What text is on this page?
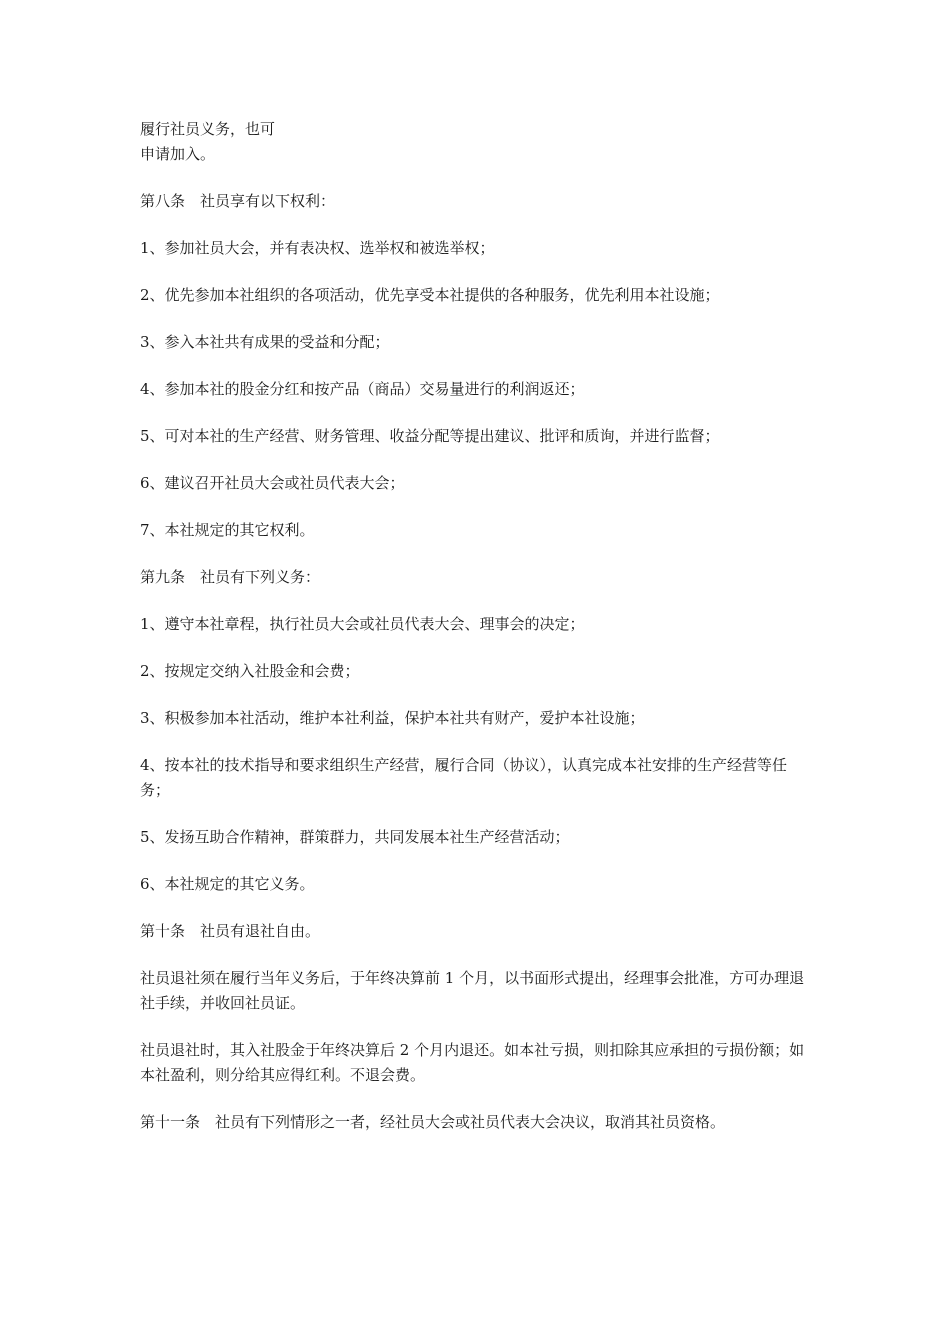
履行社员义务，也可
申请加入。

第八条　社员享有以下权利：

1、参加社员大会，并有表决权、选举权和被选举权；

2、优先参加本社组织的各项活动，优先享受本社提供的各种服务，优先利用本社设施；

3、参入本社共有成果的受益和分配；

4、参加本社的股金分红和按产品（商品）交易量进行的利润返还；

5、可对本社的生产经营、财务管理、收益分配等提出建议、批评和质询，并进行监督；

6、建议召开社员大会或社员代表大会；

7、本社规定的其它权利。

第九条　社员有下列义务：

1、遵守本社章程，执行社员大会或社员代表大会、理事会的决定；

2、按规定交纳入社股金和会费；

3、积极参加本社活动，维护本社利益，保护本社共有财产，爱护本社设施；

4、按本社的技术指导和要求组织生产经营，履行合同（协议），认真完成本社安排的生产经营等任务；

5、发扬互助合作精神，群策群力，共同发展本社生产经营活动；

6、本社规定的其它义务。

第十条　社员有退社自由。

社员退社须在履行当年义务后，于年终决算前 1 个月，以书面形式提出，经理事会批准，方可办理退社手续，并收回社员证。

社员退社时，其入社股金于年终决算后 2 个月内退还。如本社亏损，则扣除其应承担的亏损份额；如本社盈利，则分给其应得红利。不退会费。

第十一条　社员有下列情形之一者，经社员大会或社员代表大会决议，取消其社员资格。
